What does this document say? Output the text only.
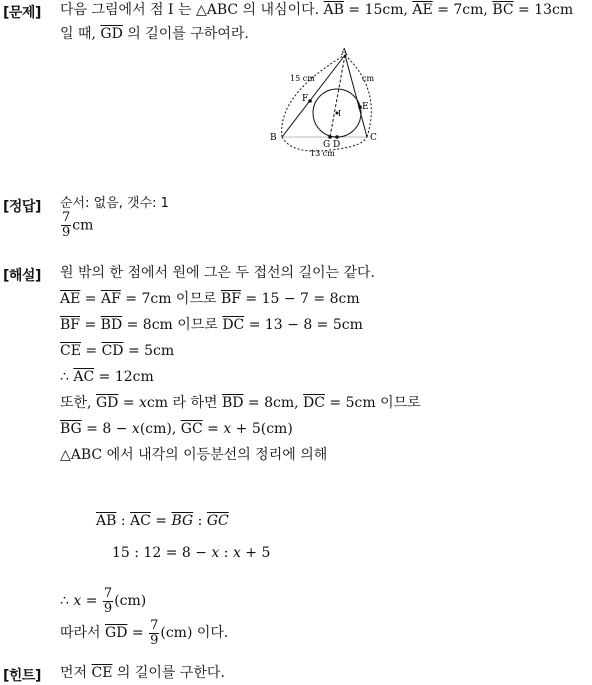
[문제] 다음 그림에서 점 I 는 △ABC 의 내심이다. $\overline{AB} = 15cm$, $\overline{AE} = 7cm$, $\overline{BC} = 13cm$
일 때, $\overline{GD}$ 의 길이를 구하여라.
A
B	C
F
E
I
G D
15 cm	cm
13 cm
[정답] 순서: 없음, 갯수: 1
$\frac{7}{9}$ cm
[해설] 원 밖의 한 점에서 원에 그은 두 접선의 길이는 같다.
$\overline{AE} = \overline{AF} = 7cm$ 이므로 $\overline{BF} = 15 - 7 = 8cm$
$\overline{BF} = \overline{BD} = 8cm$ 이므로 $\overline{DC} = 13 - 8 = 5cm$
$\overline{CE} = \overline{CD} = 5cm$
∴ $\overline{AC} = 12cm$
또한, $\overline{GD}$ = xcm 라 하면 $\overline{BD} = 8cm$, $\overline{DC} = 5cm$ 이므로
$\overline{BG} = 8 - x(cm)$, $\overline{GC} = x + 5(cm)$
△ABC 에서 내각의 이등분선의 정리에 의해
$\overline{AB}$ : $\overline{AC} = \overline{BG}$ : $\overline{GC}$
15 : 12 = 8 − x : x + 5
∴ $x = \frac{7}{9} (cm)$
따라서 $\overline{GD} = \frac{7}{9} (cm)$ 이다.
[힌트] 먼저 $\overline{CE}$ 의 길이를 구한다.
